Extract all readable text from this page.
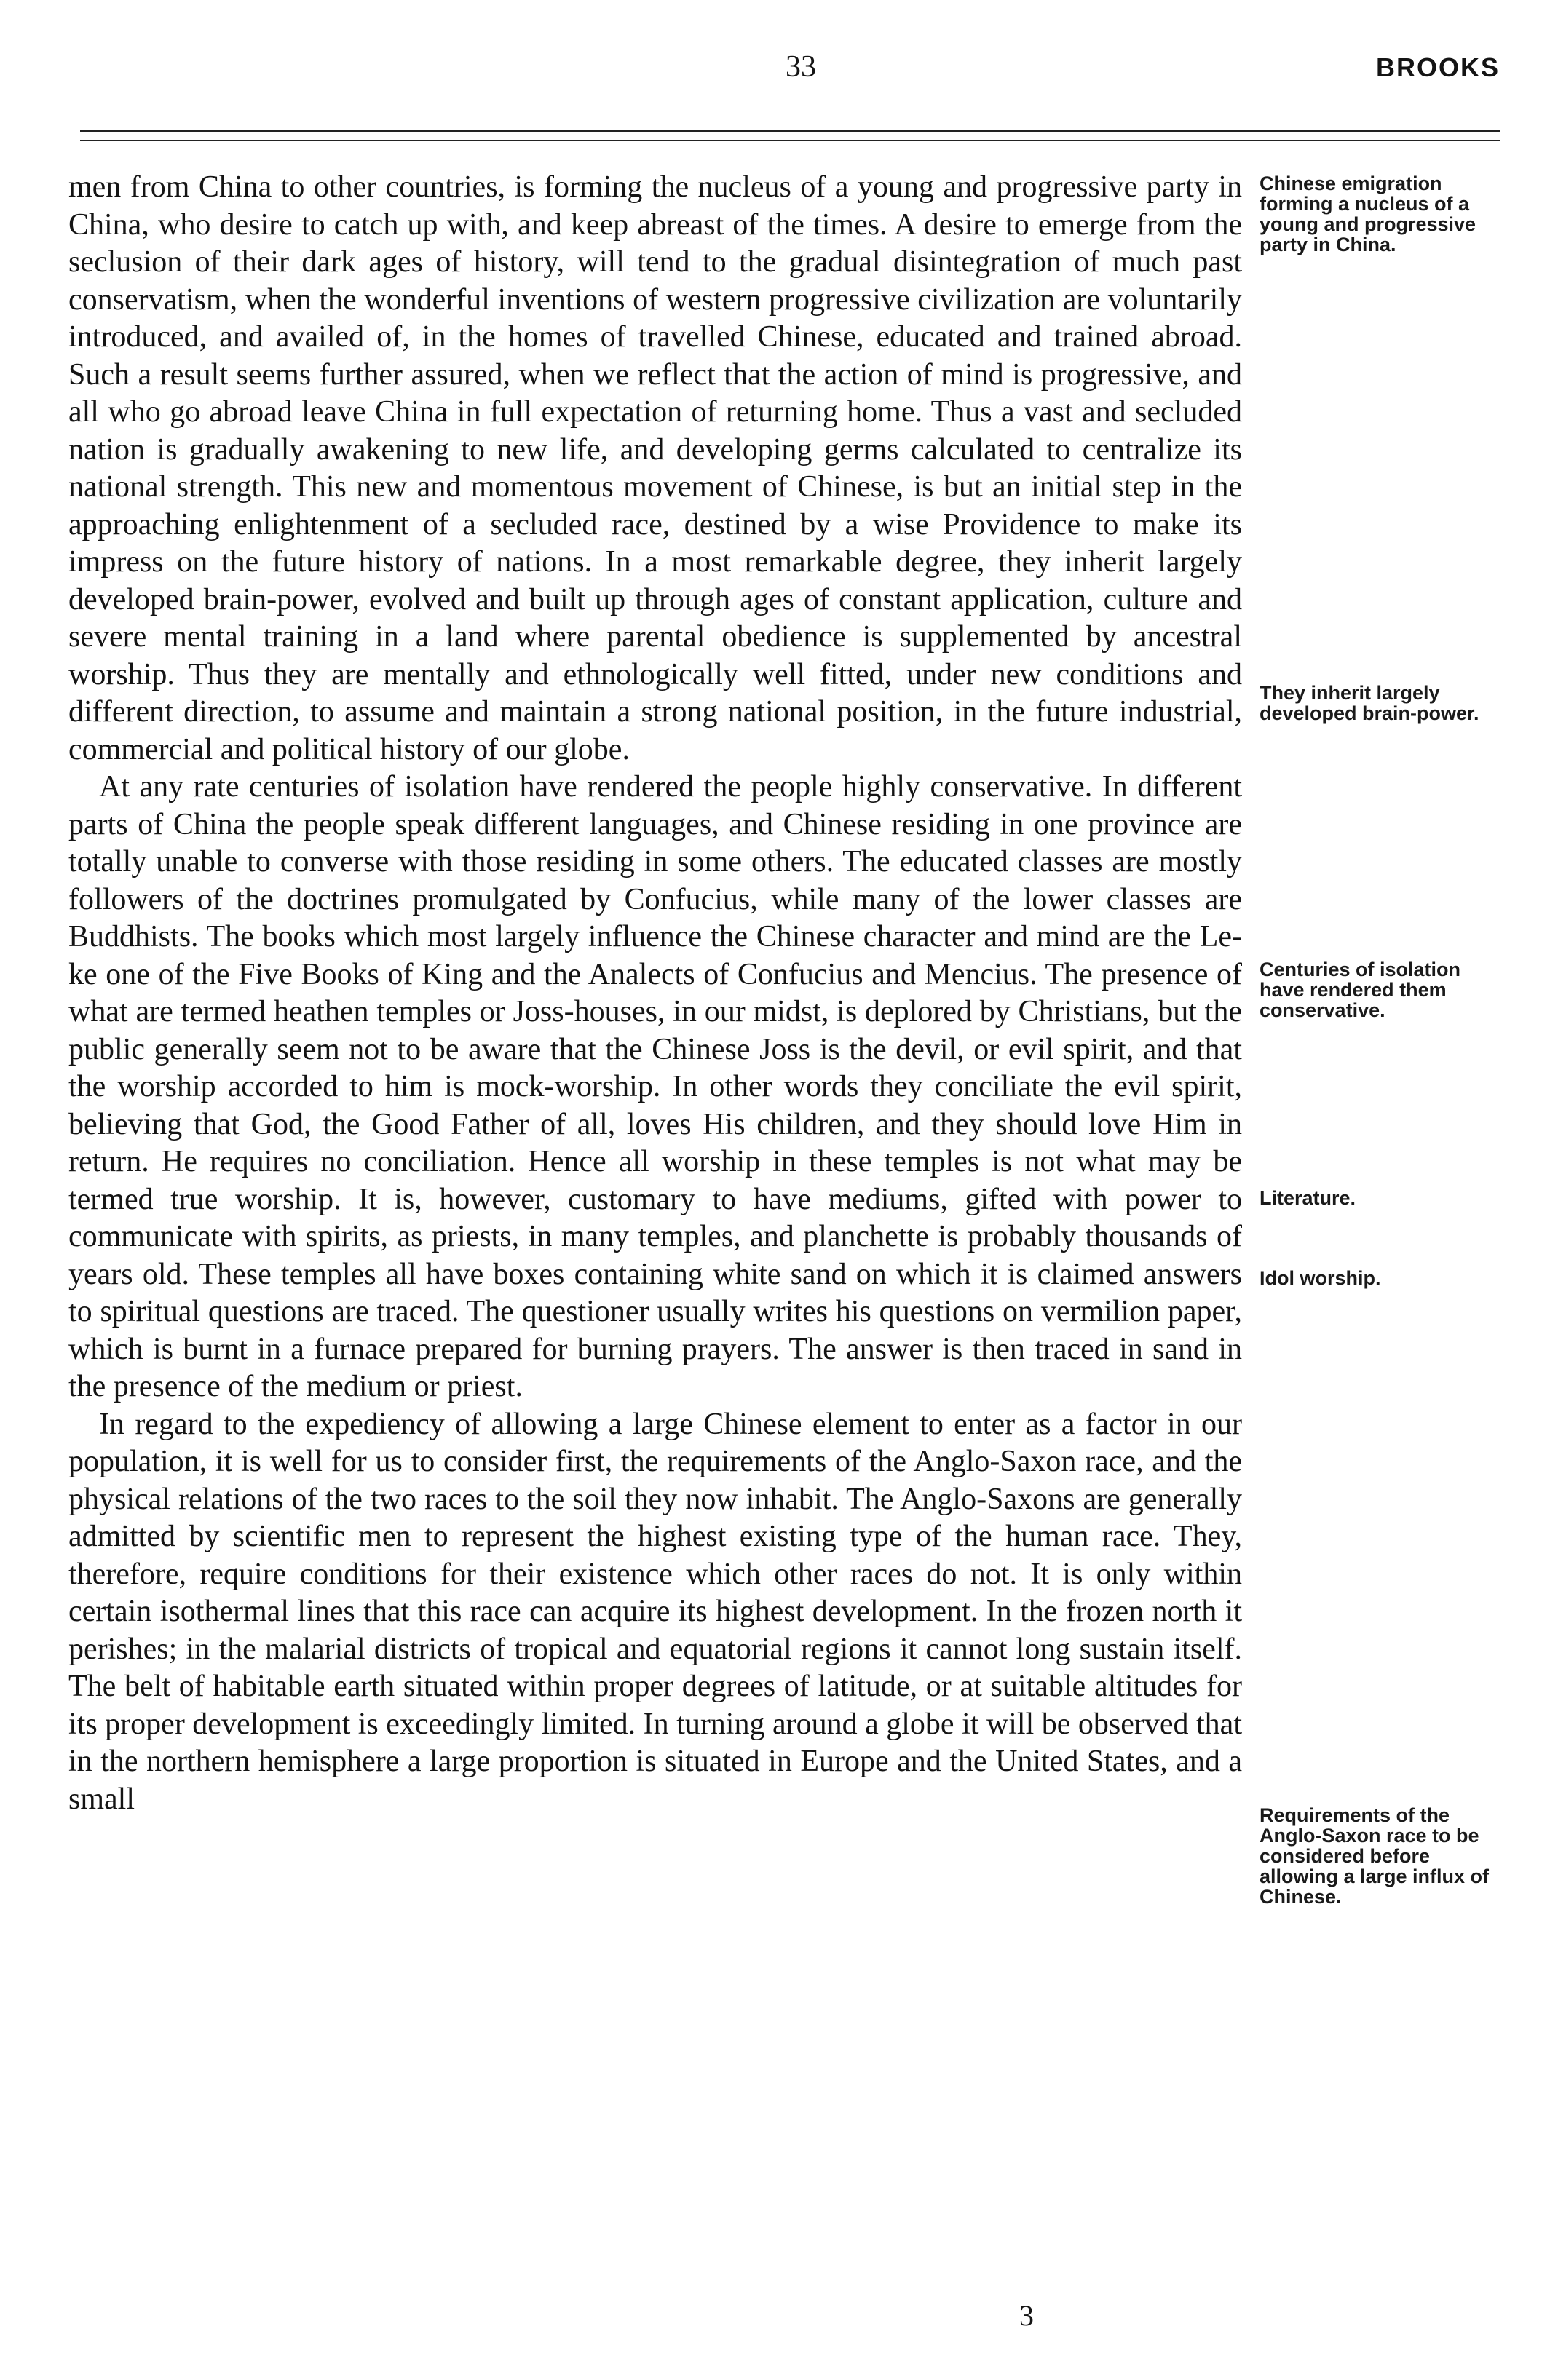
33	BROOKS

men from China to other countries, is forming the nucleus of a young and progressive party in China, who desire to catch up with, and keep abreast of the times. A desire to emerge from the seclusion of their dark ages of history, will tend to the gradual disintegration of much past conservatism, when the wonderful inventions of western progressive civilization are voluntarily introduced, and availed of, in the homes of travelled Chinese, educated and trained abroad. Such a result seems further assured, when we reflect that the action of mind is progressive, and all who go abroad leave China in full expectation of returning home. Thus a vast and secluded nation is gradually awakening to new life, and developing germs calculated to centralize its national strength. This new and momentous movement of Chinese, is but an initial step in the approaching enlightenment of a secluded race, destined by a wise Providence to make its impress on the future history of nations. In a most remarkable degree, they inherit largely developed brain-power, evolved and built up through ages of constant application, culture and severe mental training in a land where parental obedience is supplemented by ancestral worship. Thus they are mentally and ethnologically well fitted, under new conditions and different direction, to assume and maintain a strong national position, in the future industrial, commercial and political history of our globe.

At any rate centuries of isolation have rendered the people highly conservative. In different parts of China the people speak different languages, and Chinese residing in one province are totally unable to converse with those residing in some others. The educated classes are mostly followers of the doctrines promulgated by Confucius, while many of the lower classes are Buddhists. The books which most largely influence the Chinese character and mind are the Le-ke one of the Five Books of King and the Analects of Confucius and Mencius. The presence of what are termed heathen temples or Joss-houses, in our midst, is deplored by Christians, but the public generally seem not to be aware that the Chinese Joss is the devil, or evil spirit, and that the worship accorded to him is mock-worship. In other words they conciliate the evil spirit, believing that God, the Good Father of all, loves His children, and they should love Him in return. He requires no conciliation. Hence all worship in these temples is not what may be termed true worship. It is, however, customary to have mediums, gifted with power to communicate with spirits, as priests, in many temples, and planchette is probably thousands of years old. These temples all have boxes containing white sand on which it is claimed answers to spiritual questions are traced. The questioner usually writes his questions on vermilion paper, which is burnt in a furnace prepared for burning prayers. The answer is then traced in sand in the presence of the medium or priest.

In regard to the expediency of allowing a large Chinese element to enter as a factor in our population, it is well for us to consider first, the requirements of the Anglo-Saxon race, and the physical relations of the two races to the soil they now inhabit. The Anglo-Saxons are generally admitted by scientific men to represent the highest existing type of the human race. They, therefore, require conditions for their existence which other races do not. It is only within certain isothermal lines that this race can acquire its highest development. In the frozen north it perishes; in the malarial districts of tropical and equatorial regions it cannot long sustain itself. The belt of habitable earth situated within proper degrees of latitude, or at suitable altitudes for its proper development is exceedingly limited. In turning around a globe it will be observed that in the northern hemisphere a large proportion is situated in Europe and the United States, and a small

Chinese emigration forming a nucleus of a young and progressive party in China.
They inherit largely developed brain-power.
Centuries of isolation have rendered them conservative.
Literature.
Idol worship.
Requirements of the Anglo-Saxon race to be considered before allowing a large influx of Chinese.
3
